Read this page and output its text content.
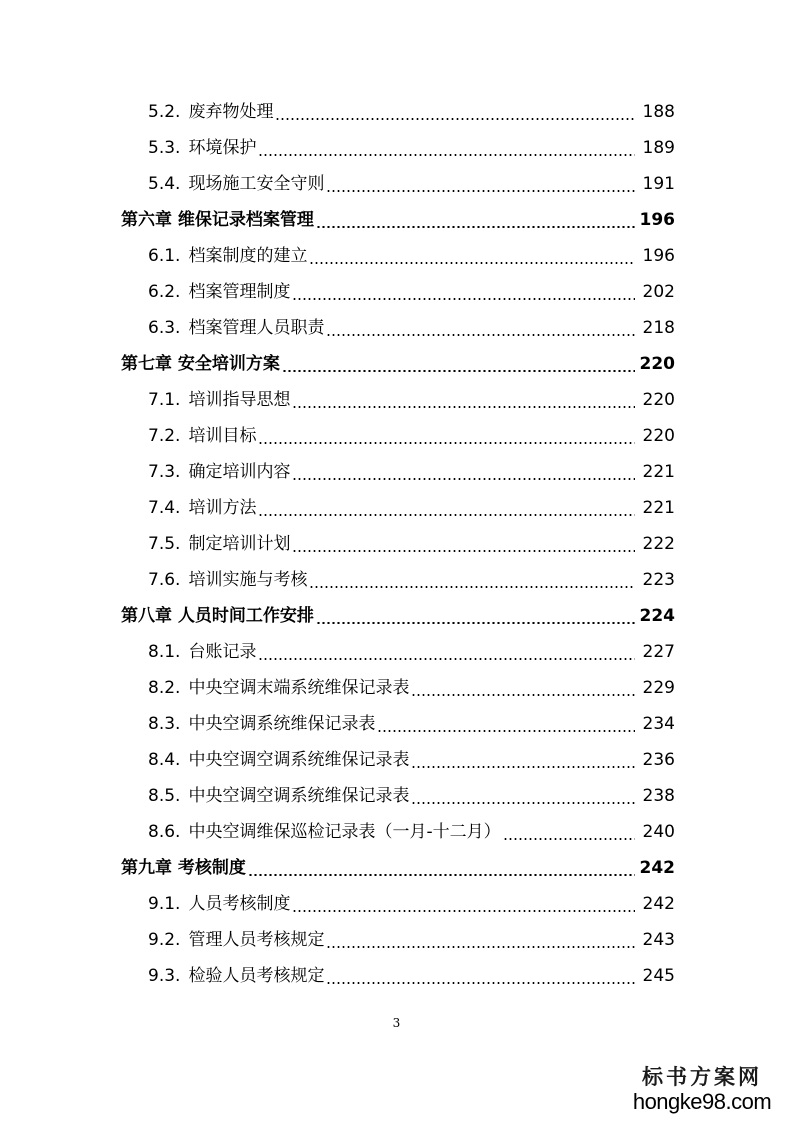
5.2. 废弃物处理	188
5.3. 环境保护	189
5.4. 现场施工安全守则	191
第六章 维保记录档案管理	196
6.1. 档案制度的建立	196
6.2. 档案管理制度	202
6.3. 档案管理人员职责	218
第七章 安全培训方案	220
7.1. 培训指导思想	220
7.2. 培训目标	220
7.3. 确定培训内容	221
7.4. 培训方法	221
7.5. 制定培训计划	222
7.6. 培训实施与考核	223
第八章 人员时间工作安排	224
8.1. 台账记录	227
8.2. 中央空调末端系统维保记录表	229
8.3. 中央空调系统维保记录表	234
8.4. 中央空调空调系统维保记录表	236
8.5. 中央空调空调系统维保记录表	238
8.6. 中央空调维保巡检记录表（一月-十二月）	240
第九章 考核制度	242
9.1. 人员考核制度	242
9.2. 管理人员考核规定	243
9.3. 检验人员考核规定	245
3
标书方案网
hongke98.com
